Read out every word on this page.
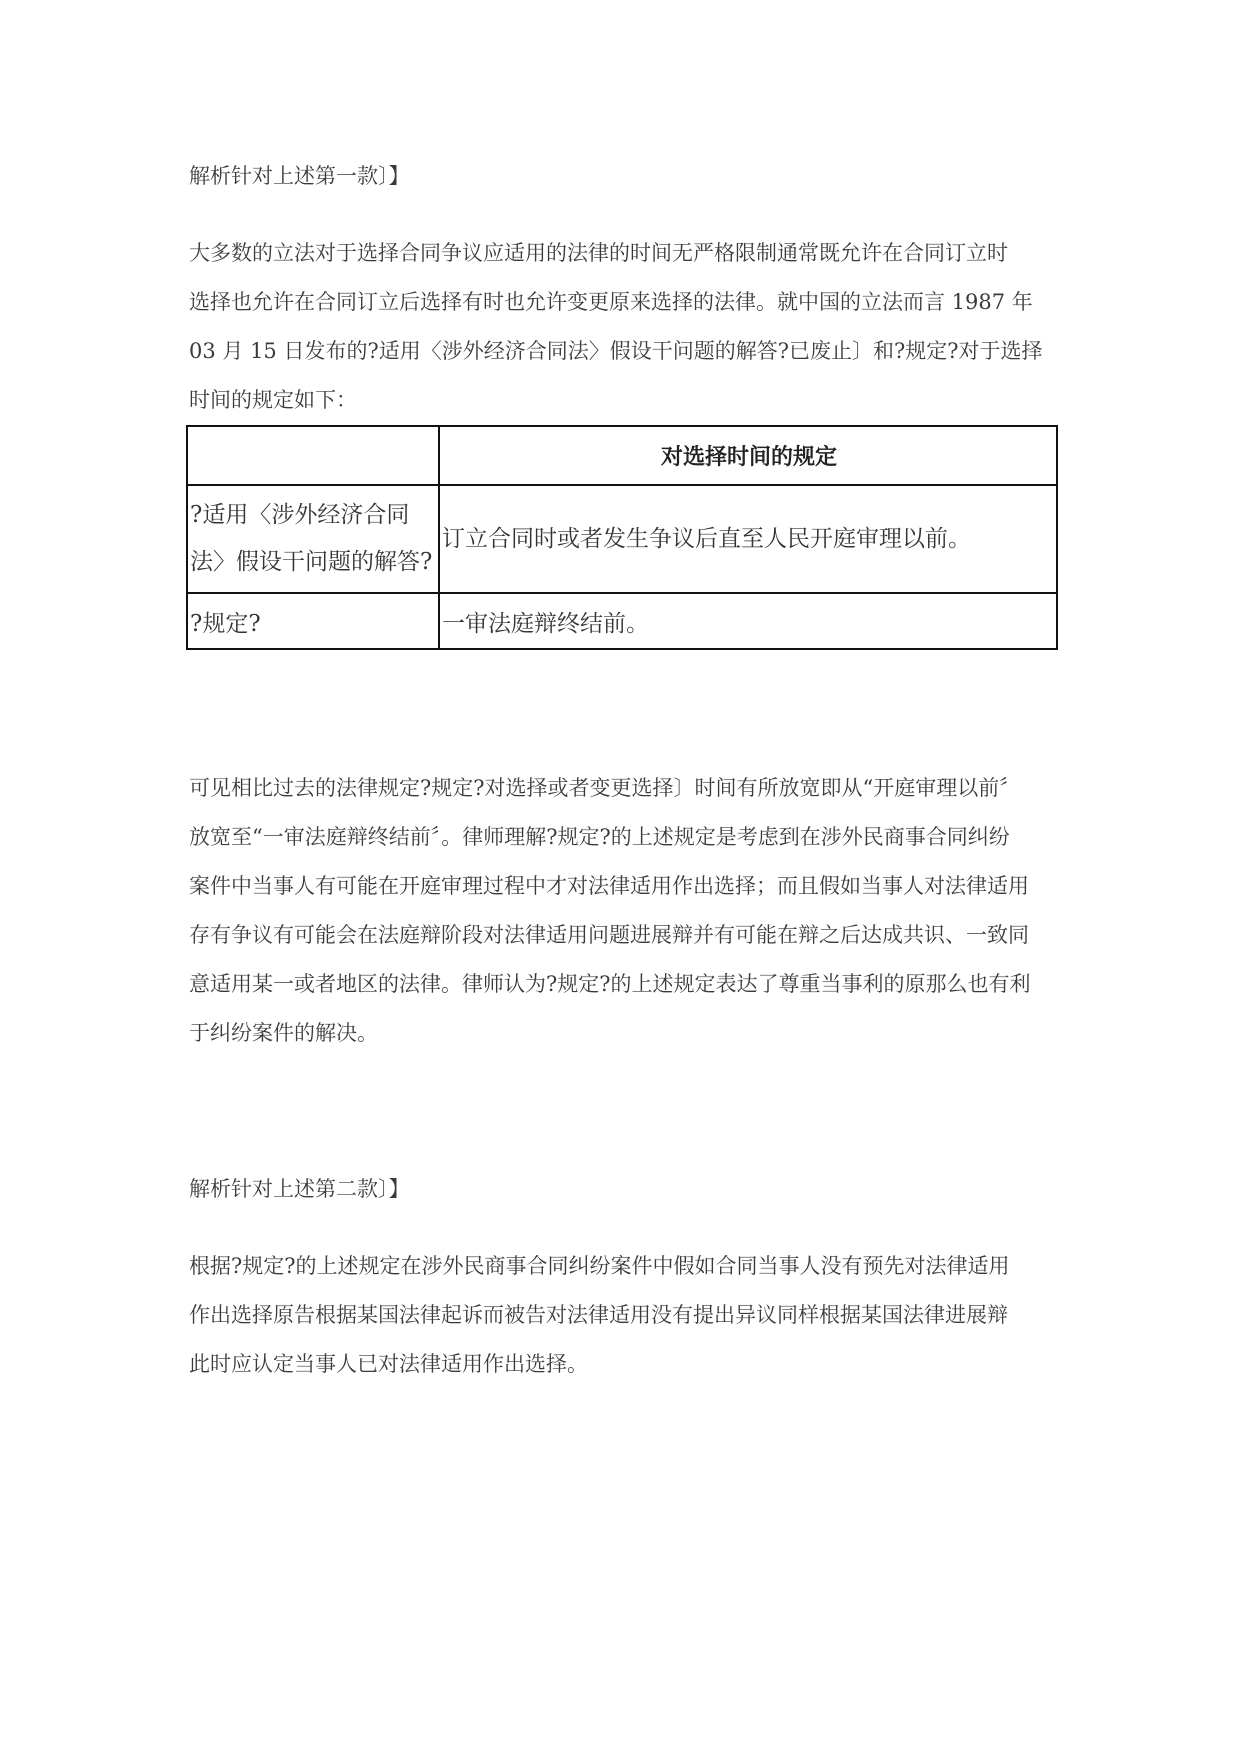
解析针对上述第一款〕】
大多数的立法对于选择合同争议应适用的法律的时间无严格限制通常既允许在合同订立时
选择也允许在合同订立后选择有时也允许变更原来选择的法律。就中国的立法而言 1987 年
03 月 15 日发布的?适用〈涉外经济合同法〉假设干问题的解答?已废止〕和?规定?对于选择
时间的规定如下：
	对选择时间的规定

?适用〈涉外经济合同
法〉假设干问题的解答?	订立合同时或者发生争议后直至人民开庭审理以前。
?规定?	一审法庭辩终结前。
可见相比过去的法律规定?规定?对选择或者变更选择〕时间有所放宽即从“开庭审理以前〞
放宽至“一审法庭辩终结前〞。律师理解?规定?的上述规定是考虑到在涉外民商事合同纠纷
案件中当事人有可能在开庭审理过程中才对法律适用作出选择；而且假如当事人对法律适用
存有争议有可能会在法庭辩阶段对法律适用问题进展辩并有可能在辩之后达成共识、一致同
意适用某一或者地区的法律。律师认为?规定?的上述规定表达了尊重当事利的原那么也有利
于纠纷案件的解决。
解析针对上述第二款〕】
根据?规定?的上述规定在涉外民商事合同纠纷案件中假如合同当事人没有预先对法律适用
作出选择原告根据某国法律起诉而被告对法律适用没有提出异议同样根据某国法律进展辩
此时应认定当事人已对法律适用作出选择。
